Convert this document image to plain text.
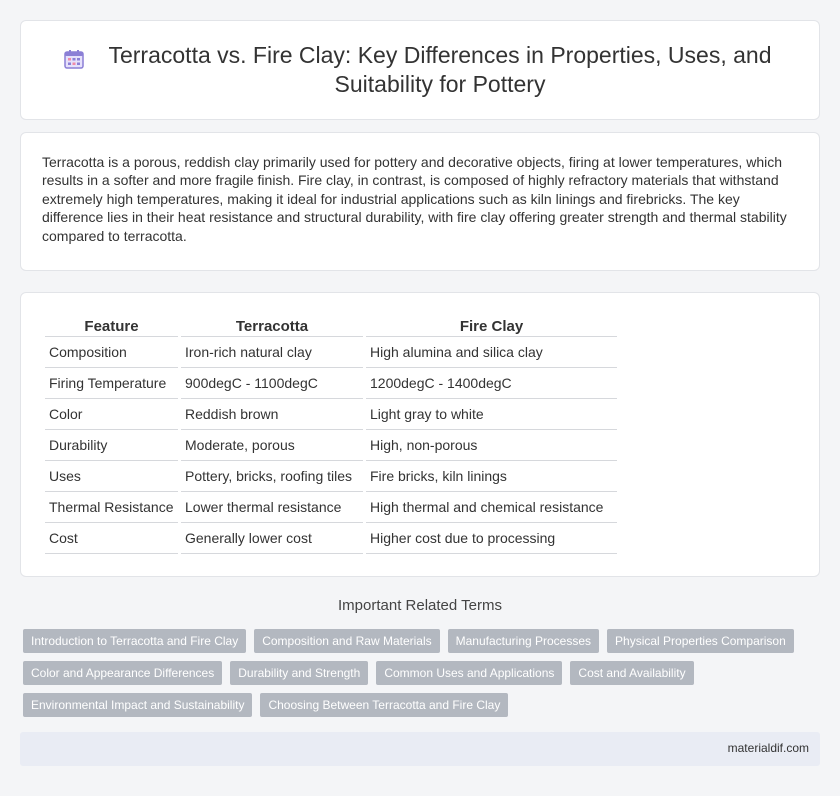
Terracotta vs. Fire Clay: Key Differences in Properties, Uses, and Suitability for Pottery

Terracotta is a porous, reddish clay primarily used for pottery and decorative objects, firing at lower temperatures, which results in a softer and more fragile finish. Fire clay, in contrast, is composed of highly refractory materials that withstand extremely high temperatures, making it ideal for industrial applications such as kiln linings and firebricks. The key difference lies in their heat resistance and structural durability, with fire clay offering greater strength and thermal stability compared to terracotta.

Feature	Terracotta	Fire Clay
Composition	Iron-rich natural clay	High alumina and silica clay
Firing Temperature	900degC - 1100degC	1200degC - 1400degC
Color	Reddish brown	Light gray to white
Durability	Moderate, porous	High, non-porous
Uses	Pottery, bricks, roofing tiles	Fire bricks, kiln linings
Thermal Resistance	Lower thermal resistance	High thermal and chemical resistance
Cost	Generally lower cost	Higher cost due to processing
Important Related Terms
Introduction to Terracotta and Fire Clay	Composition and Raw Materials	Manufacturing Processes	Physical Properties Comparison
Color and Appearance Differences	Durability and Strength	Common Uses and Applications	Cost and Availability
Environmental Impact and Sustainability	Choosing Between Terracotta and Fire Clay
materialdif.com
